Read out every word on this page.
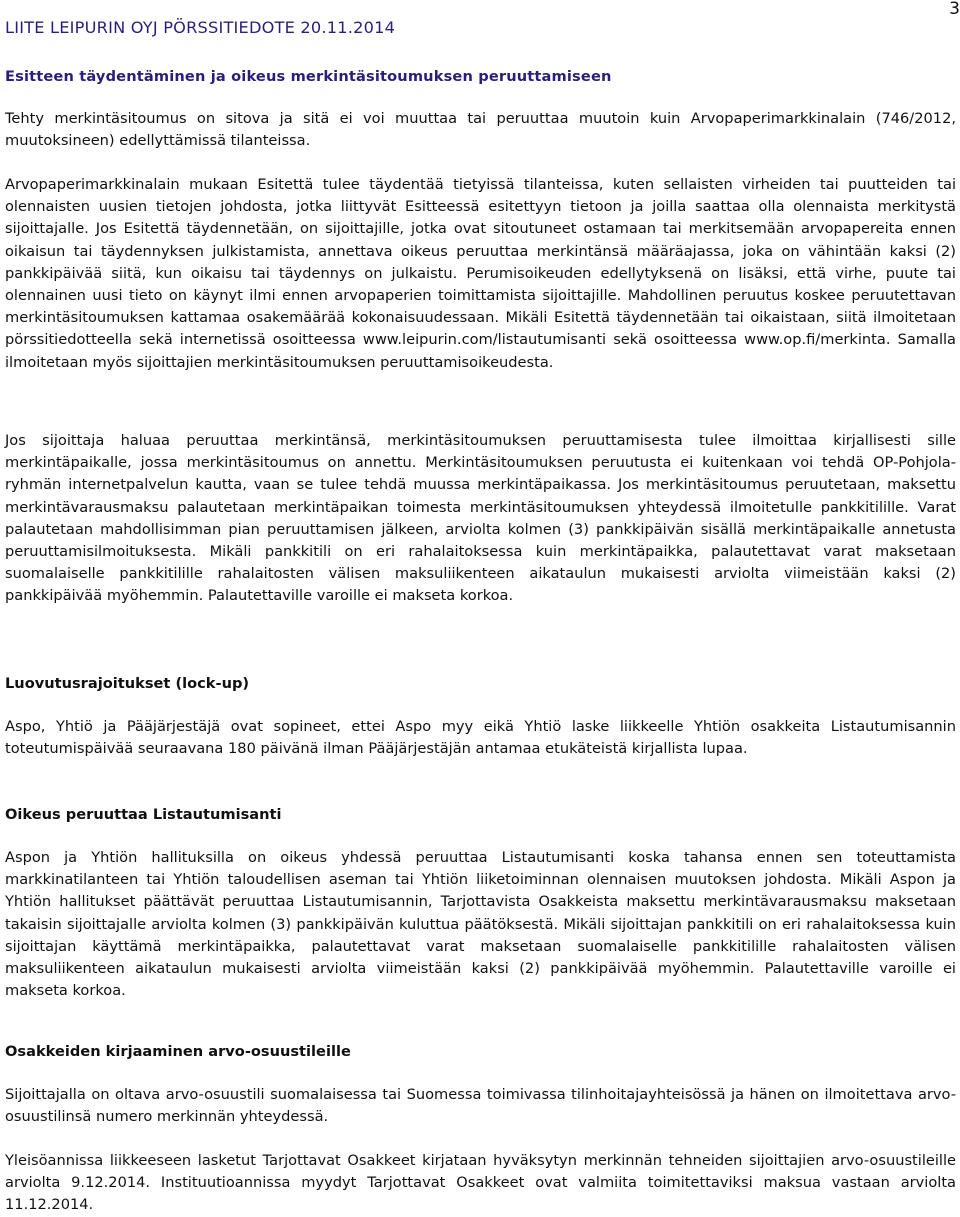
3
LIITE LEIPURIN OYJ PÖRSSITIEDOTE 20.11.2014
Esitteen täydentäminen ja oikeus merkintäsitoumuksen peruuttamiseen

Tehty merkintäsitoumus on sitova ja sitä ei voi muuttaa tai peruuttaa muutoin kuin Arvopaperimarkkinalain (746/2012, muutoksineen) edellyttämissä tilanteissa.

Arvopaperimarkkinalain mukaan Esitettä tulee täydentää tietyissä tilanteissa, kuten sellaisten virheiden tai puutteiden tai olennaisten uusien tietojen johdosta, jotka liittyvät Esitteessä esitettyyn tietoon ja joilla saattaa olla olennaista merkitystä sijoittajalle. Jos Esitettä täydennetään, on sijoittajille, jotka ovat sitoutuneet ostamaan tai merkitsemään arvopapereita ennen oikaisun tai täydennyksen julkistamista, annettava oikeus peruuttaa merkintänsä määräajassa, joka on vähintään kaksi (2) pankkipäivää siitä, kun oikaisu tai täydennys on julkaistu. Perumisoikeuden edellytyksenä on lisäksi, että virhe, puute tai olennainen uusi tieto on käynyt ilmi ennen arvopaperien toimittamista sijoittajille. Mahdollinen peruutus koskee peruutettavan merkintäsitoumuksen kattamaa osakemäärää kokonaisuudessaan. Mikäli Esitettä täydennetään tai oikaistaan, siitä ilmoitetaan pörssitiedotteella sekä internetissä osoitteessa www.leipurin.com/listautumisanti sekä osoitteessa www.op.fi/merkinta. Samalla ilmoitetaan myös sijoittajien merkintäsitoumuksen peruuttamisoikeudesta.

Jos sijoittaja haluaa peruuttaa merkintänsä, merkintäsitoumuksen peruuttamisesta tulee ilmoittaa kirjallisesti sille merkintäpaikalle, jossa merkintäsitoumus on annettu. Merkintäsitoumuksen peruutusta ei kuitenkaan voi tehdä OP-Pohjola-ryhmän internetpalvelun kautta, vaan se tulee tehdä muussa merkintäpaikassa. Jos merkintäsitoumus peruutetaan, maksettu merkintävarausmaksu palautetaan merkintäpaikan toimesta merkintäsitoumuksen yhteydessä ilmoitetulle pankkitilille. Varat palautetaan mahdollisimman pian peruuttamisen jälkeen, arviolta kolmen (3) pankkipäivän sisällä merkintäpaikalle annetusta peruuttamisilmoituksesta. Mikäli pankkitili on eri rahalaitoksessa kuin merkintäpaikka, palautettavat varat maksetaan suomalaiselle pankkitilille rahalaitosten välisen maksuliikenteen aikataulun mukaisesti arviolta viimeistään kaksi (2) pankkipäivää myöhemmin. Palautettaville varoille ei makseta korkoa.

Luovutusrajoitukset (lock-up)

Aspo, Yhtiö ja Pääjärjestäjä ovat sopineet, ettei Aspo myy eikä Yhtiö laske liikkeelle Yhtiön osakkeita Listautumisannin toteutumispäivää seuraavana 180 päivänä ilman Pääjärjestäjän antamaa etukäteistä kirjallista lupaa.

Oikeus peruuttaa Listautumisanti

Aspon ja Yhtiön hallituksilla on oikeus yhdessä peruuttaa Listautumisanti koska tahansa ennen sen toteuttamista markkinatilanteen tai Yhtiön taloudellisen aseman tai Yhtiön liiketoiminnan olennaisen muutoksen johdosta. Mikäli Aspon ja Yhtiön hallitukset päättävät peruuttaa Listautumisannin, Tarjottavista Osakkeista maksettu merkintävarausmaksu maksetaan takaisin sijoittajalle arviolta kolmen (3) pankkipäivän kuluttua päätöksestä. Mikäli sijoittajan pankkitili on eri rahalaitoksessa kuin sijoittajan käyttämä merkintäpaikka, palautettavat varat maksetaan suomalaiselle pankkitilille rahalaitosten välisen maksuliikenteen aikataulun mukaisesti arviolta viimeistään kaksi (2) pankkipäivää myöhemmin. Palautettaville varoille ei makseta korkoa.

Osakkeiden kirjaaminen arvo-osuustileille

Sijoittajalla on oltava arvo-osuustili suomalaisessa tai Suomessa toimivassa tilinhoitajayhteisössä ja hänen on ilmoitettava arvo-osuustilinsä numero merkinnän yhteydessä.

Yleisöannissa liikkeeseen lasketut Tarjottavat Osakkeet kirjataan hyväksytyn merkinnän tehneiden sijoittajien arvo-osuustileille arviolta 9.12.2014. Instituutioannissa myydyt Tarjottavat Osakkeet ovat valmiita toimitettaviksi maksua vastaan arviolta 11.12.2014.
